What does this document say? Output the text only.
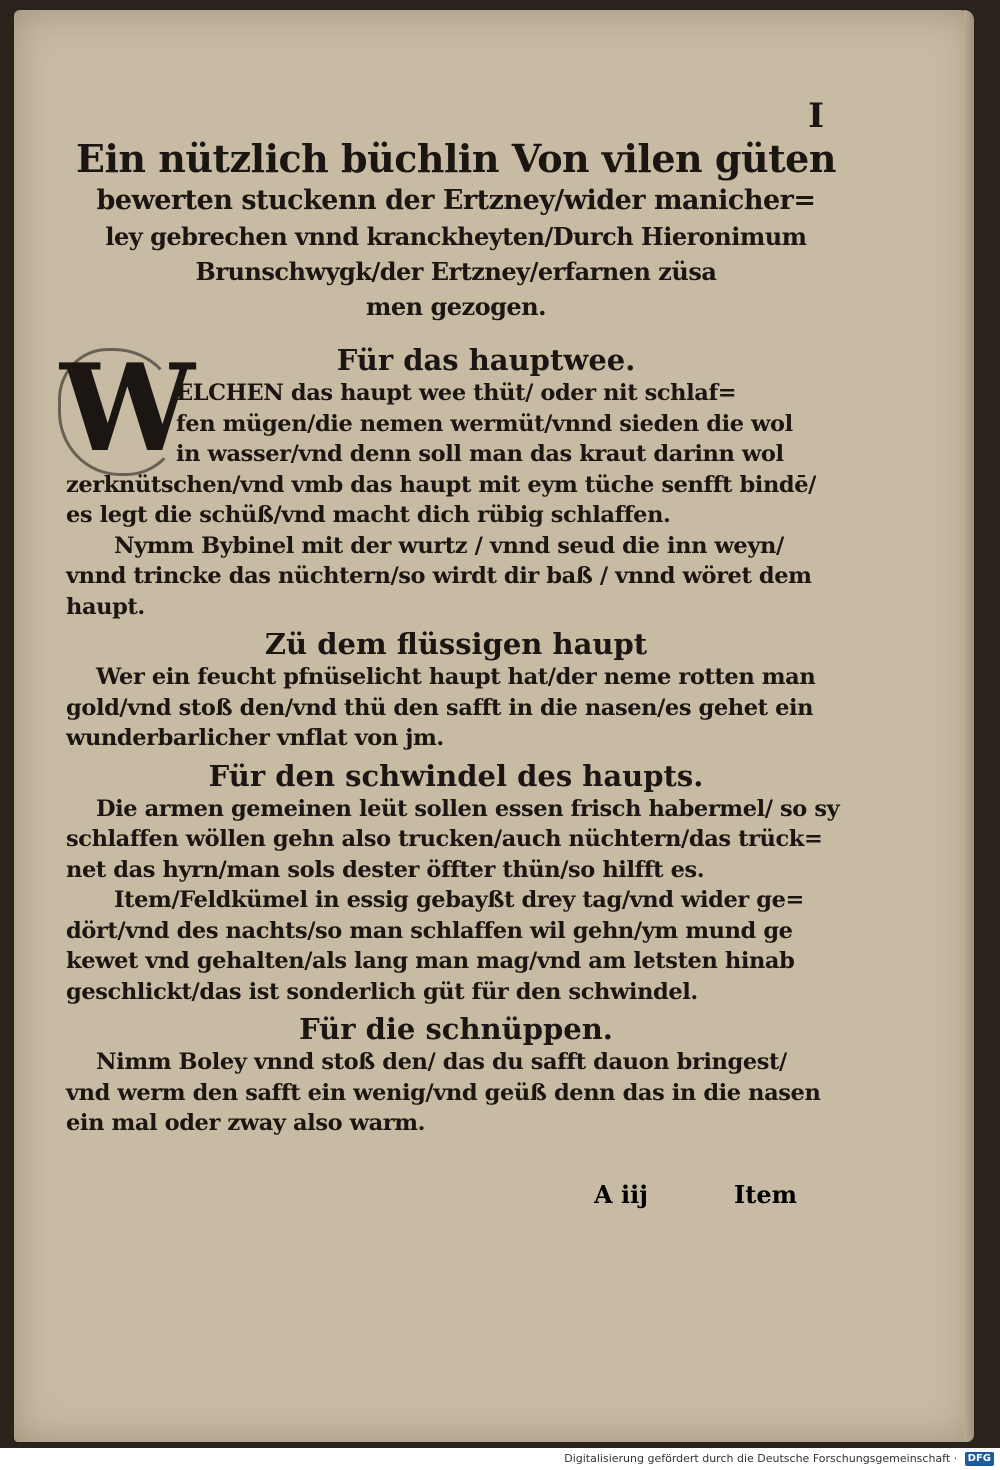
I

Ein nützlich büchlin Von vilen güten

bewerten stuckenn der Ertzney/wider manicher=

ley gebrechen vnnd kranckheyten/Durch Hieronimum

Brunschwygk/der Ertzney/erfarnen züsa

men gezogen.

W	Für das hauptwee.

ELCHEN das haupt wee thüt/ oder nit schlaf=

fen mügen/die nemen wermüt/vnnd sieden die wol

in wasser/vnd denn soll man das kraut darinn wol

zerknütschen/vnd vmb das haupt mit eym tüche senfft bindē/

es legt die schüß/vnd macht dich rübig schlaffen.

Nymm Bybinel mit der wurtz / vnnd seud die inn weyn/

vnnd trincke das nüchtern/so wirdt dir baß / vnnd wöret dem

haupt.

Zü dem flüssigen haupt

Wer ein feucht pfnüselicht haupt hat/der neme rotten man

gold/vnd stoß den/vnd thü den safft in die nasen/es gehet ein

wunderbarlicher vnflat von jm.

Für den schwindel des haupts.

Die armen gemeinen leüt sollen essen frisch habermel/ so sy

schlaffen wöllen gehn also trucken/auch nüchtern/das trück=

net das hyrn/man sols dester öffter thün/so hilfft es.

Item/Feldkümel in essig gebayßt drey tag/vnd wider ge=

dört/vnd des nachts/so man schlaffen wil gehn/ym mund ge

kewet vnd gehalten/als lang man mag/vnd am letsten hinab

geschlickt/das ist sonderlich güt für den schwindel.

Für die schnüppen.

Nimm Boley vnnd stoß den/ das du safft dauon bringest/

vnd werm den safft ein wenig/vnd geüß denn das in die nasen

ein mal oder zway also warm.

A iij	Item
Digitalisierung gefördert durch die Deutsche Forschungsgemeinschaft · DFG
